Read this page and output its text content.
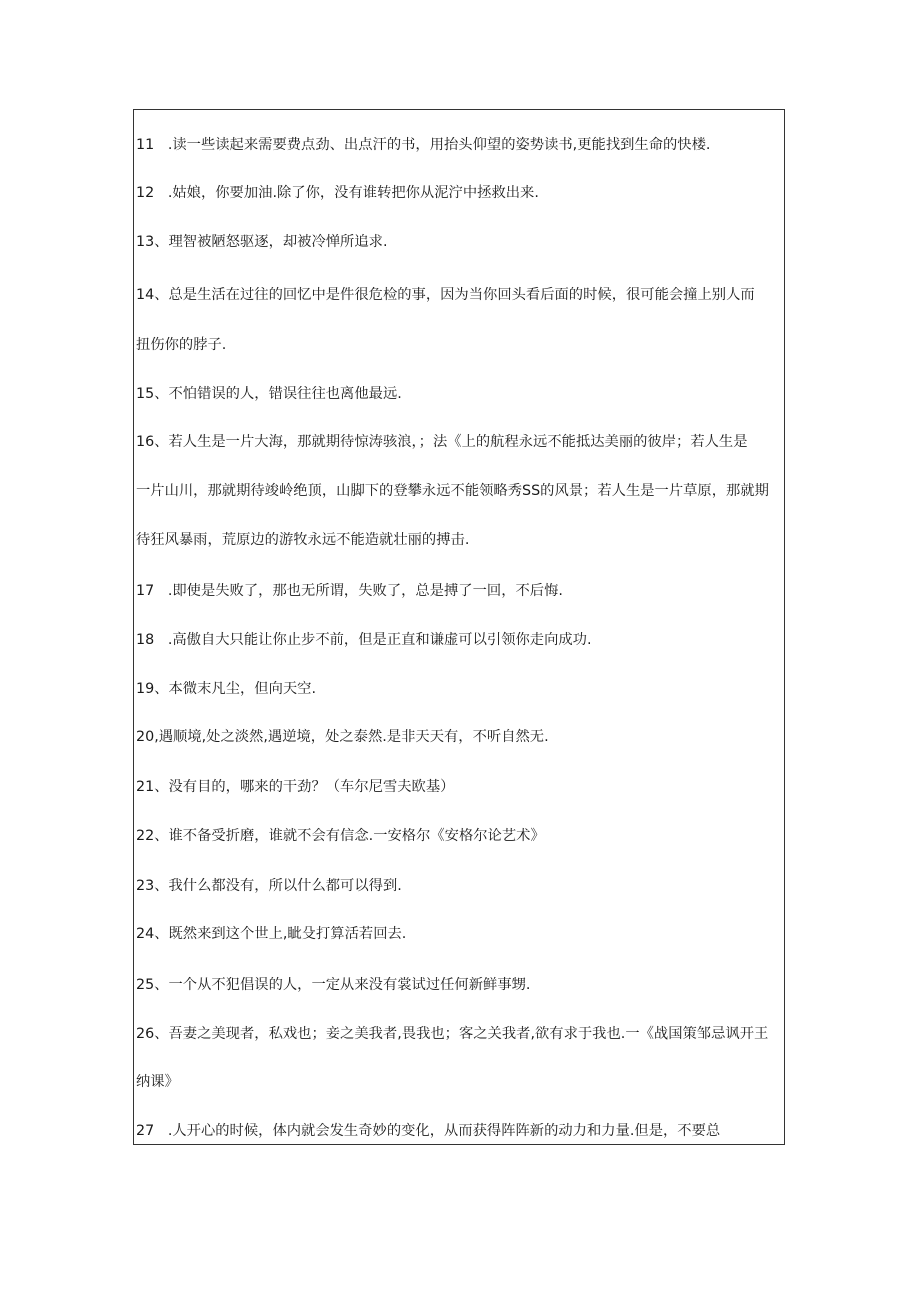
11   .读一些读起来需要费点劲、出点汗的书，用抬头仰望的姿势读书,更能找到生命的快楼.
12   .姑娘，你要加油.除了你，没有谁转把你从泥泞中拯救出来.
13、理智被陋怒驱逐，却被冷惮所追求.
14、总是生活在过往的回忆中是件很危检的事，因为当你回头看后面的时候，很可能会撞上别人而
扭伤你的脖子.
15、不怕错误的人，错误往往也离他最远.
16、若人生是一片大海，那就期待惊涛骇浪，；法《上的航程永远不能抵达美丽的彼岸；若人生是
一片山川，那就期待竣岭绝顶，山脚下的登攀永远不能领略秀SS的风景；若人生是一片草原，那就期
待狂风暴雨，荒原边的游牧永远不能造就壮丽的搏击.
17   .即使是失败了，那也无所谓，失败了，总是搏了一回，不后悔.
18   .高傲自大只能让你止步不前，但是正直和谦虚可以引领你走向成功.
19、本微末凡尘，但向天空.
20,遇顺境,处之淡然,遇逆境，处之泰然.是非天天有，不听自然无.
21、没有目的，哪来的干劲？（车尔尼雪夫欧基）
22、谁不备受折磨，谁就不会有信念.一安格尔《安格尔论艺术》
23、我什么都没有，所以什么都可以得到.
24、既然来到这个世上,眦殳打算活若回去.
25、一个从不犯倡误的人，一定从来没有裳试过任何新鲜事甥.
26、吾妻之美现者，私戏也；妾之美我者,畏我也；客之关我者,欲有求于我也.一《战国策邹忌讽开王
纳课》
27   .人开心的时候，体内就会发生奇妙的变化，从而获得阵阵新的动力和力量.但是，不要总
